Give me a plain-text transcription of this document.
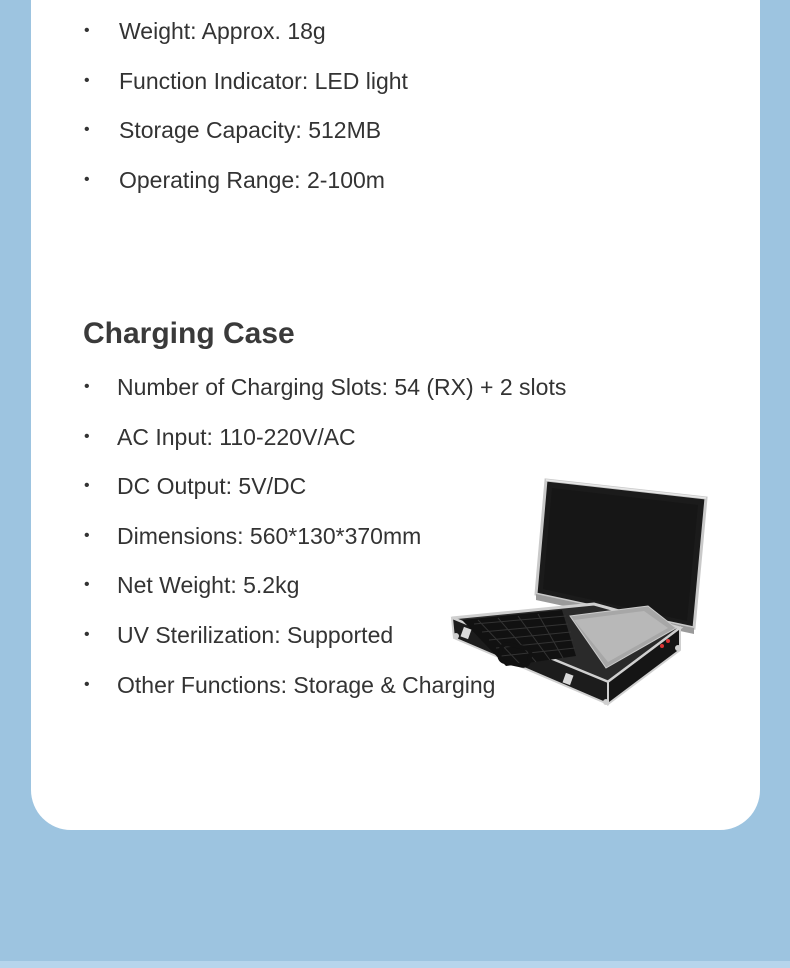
• Weight: Approx. 18g
• Function Indicator: LED light
• Storage Capacity: 512MB
• Operating Range: 2-100m
Charging Case
• Number of Charging Slots: 54 (RX) + 2 slots
• AC Input: 110-220V/AC
• DC Output: 5V/DC
• Dimensions: 560*130*370mm
• Net Weight: 5.2kg
• UV Sterilization: Supported
• Other Functions: Storage & Charging
